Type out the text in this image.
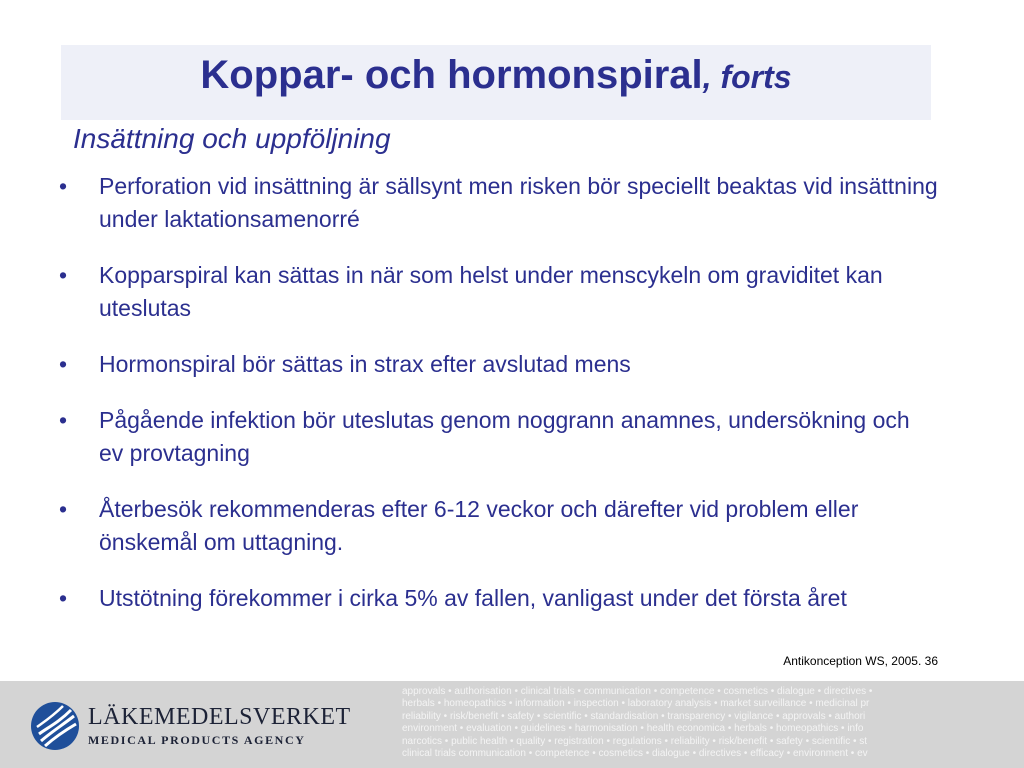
Koppar- och hormonspiral, forts
Insättning och uppföljning
• Perforation vid insättning är sällsynt men risken bör speciellt beaktas vid insättning under laktationsamenorré
• Kopparspiral kan sättas in när som helst under menscykeln om graviditet kan uteslutas
• Hormonspiral bör sättas in strax efter avslutad mens
• Pågående infektion bör uteslutas genom noggrann anamnes, undersökning och ev provtagning
• Återbesök rekommenderas efter 6-12 veckor och därefter vid problem eller önskemål om uttagning.
• Utstötning förekommer i cirka 5% av fallen, vanligast under det första året
Antikonception WS, 2005. 36
LÄKEMEDELSVERKET
MEDICAL PRODUCTS AGENCY
approvals • authorisation • clinical trials • communication • competence • cosmetics • dialogue • directives •
herbals • homeopathics • information • inspection • laboratory analysis • market surveillance • medicinal pr
reliability • risk/benefit • safety • scientific • standardisation • transparency • vigilance • approvals • authori
environment • evaluation • guidelines • harmonisation • health economica • herbals • homeopathics • info
narcotics • public health • quality • registration • regulations • reliability • risk/benefit • safety • scientific • st
clinical trials communication • competence • cosmetics • dialogue • directives • efficacy • environment • ev
